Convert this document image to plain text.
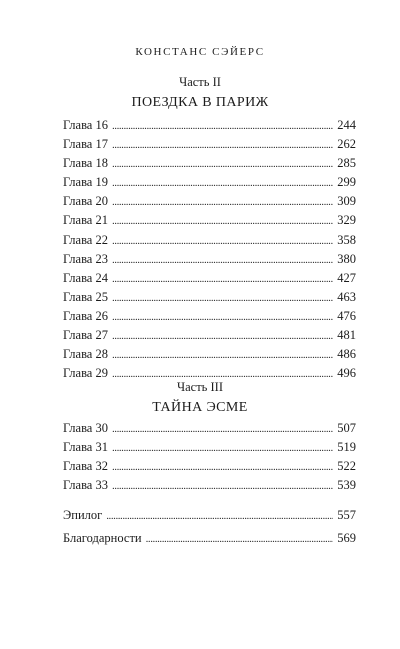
КОНСТАНС СЭЙЕРС
Часть II
ПОЕЗДКА В ПАРИЖ
Глава 16 . . .	244
Глава 17 . . .	262
Глава 18 . . .	285
Глава 19 . . .	299
Глава 20 . . .	309
Глава 21 . . .	329
Глава 22 . . .	358
Глава 23 . . .	380
Глава 24 . . .	427
Глава 25 . . .	463
Глава 26 . . .	476
Глава 27 . . .	481
Глава 28 . . .	486
Глава 29 . . .	496
Часть III
ТАЙНА ЭСМЕ
Глава 30 . . .	507
Глава 31 . . .	519
Глава 32 . . .	522
Глава 33 . . .	539
Эпилог . . .	557
Благодарности . . .	569
